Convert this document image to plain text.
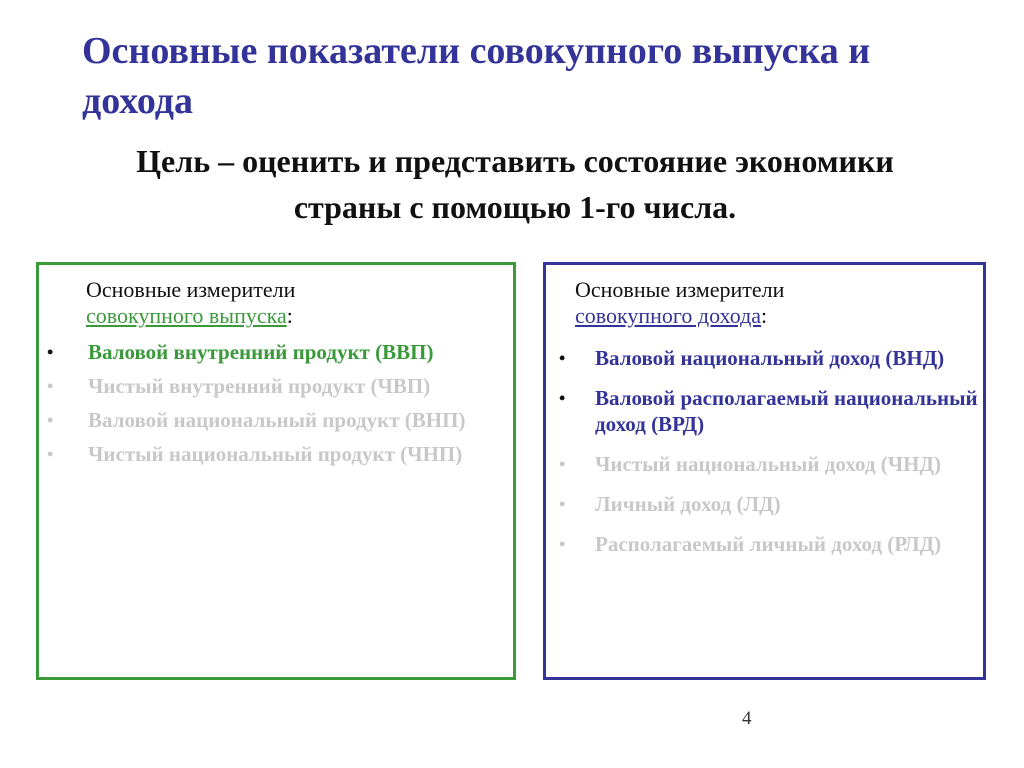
Основные показатели совокупного выпуска и дохода
Цель – оценить и представить состояние экономики страны с помощью 1-го числа.
Основные измерители
совокупного выпуска:
• Валовой внутренний продукт (ВВП)
• Чистый внутренний продукт (ЧВП)
• Валовой национальный продукт (ВНП)
• Чистый национальный продукт (ЧНП)
Основные измерители
совокупного дохода:
• Валовой национальный доход (ВНД)
• Валовой располагаемый национальный доход (ВРД)
• Чистый национальный доход (ЧНД)
• Личный доход (ЛД)
• Располагаемый личный доход (РЛД)
4
